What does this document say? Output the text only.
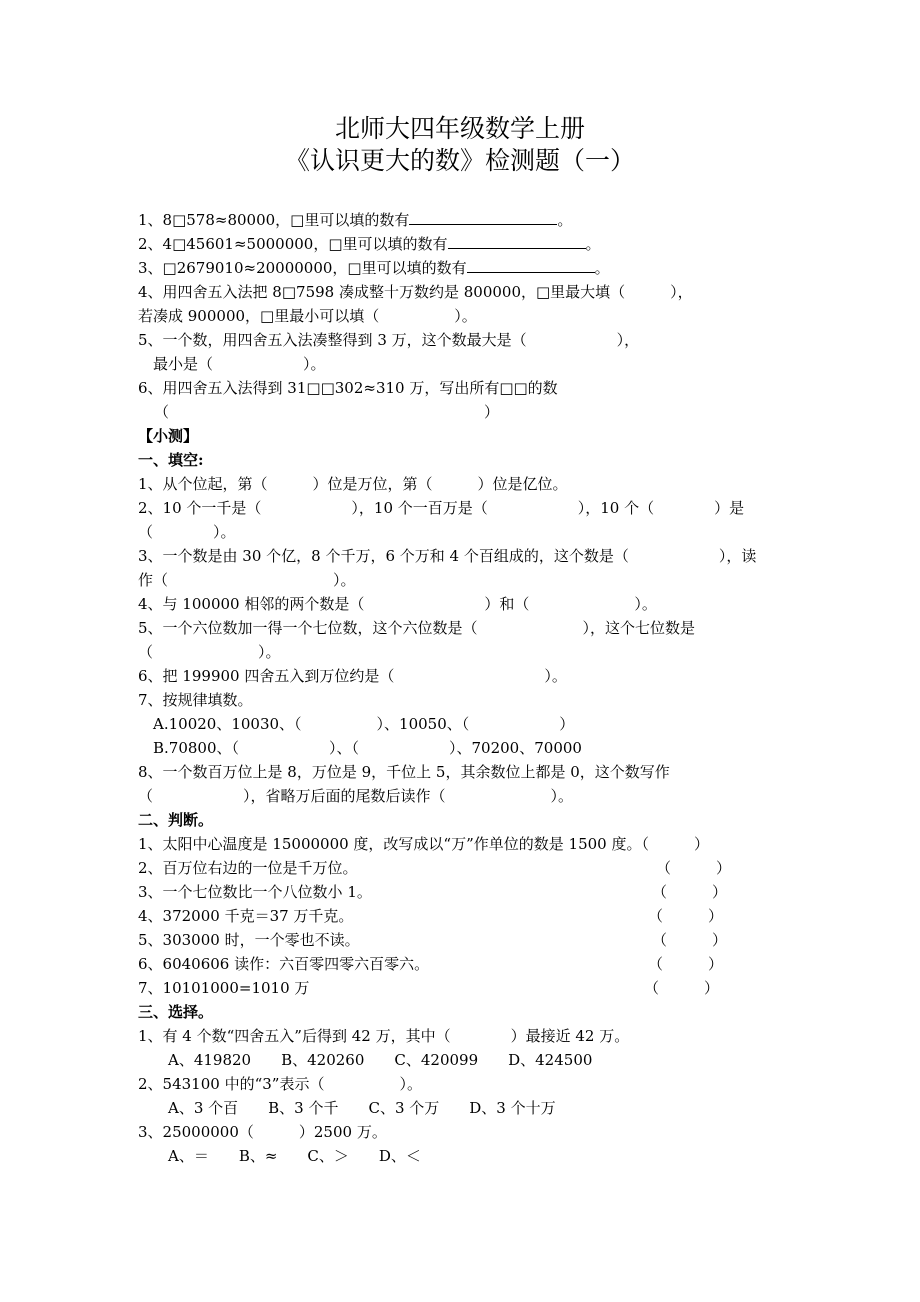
北师大四年级数学上册
《认识更大的数》检测题（一）
1、8□578≈80000，□里可以填的数有	。
2、4□45601≈5000000，□里可以填的数有	。
3、□2679010≈20000000，□里可以填的数有	。
4、用四舍五入法把 8□7598 凑成整十万数约是 800000，□里最大填（　　　），
若凑成 900000，□里最小可以填（　　　　　）。
5、一个数，用四舍五入法凑整得到 3 万，这个数最大是（　　　　　　），
　最小是（　　　　　　）。
6、用四舍五入法得到 31□□302≈310 万，写出所有□□的数
（　　　　　　　　　　　　　　　　　　　　　）
【小测】
一、填空:
1、从个位起，第（　　　）位是万位，第（　　　）位是亿位。
2、10 个一千是（　　　　　　），10 个一百万是（　　　　　　），10 个（　　　　）是
（　　　　）。
3、一个数是由 30 个亿，8 个千万，6 个万和 4 个百组成的，这个数是（　　　　　　），读
作（　　　　　　　　　　　）。
4、与 100000 相邻的两个数是（　　　　　　　　）和（　　　　　　　）。
5、一个六位数加一得一个七位数，这个六位数是（　　　　　　　），这个七位数是
（　　　　　　　）。
6、把 199900 四舍五入到万位约是（　　　　　　　　　　）。
7、按规律填数。
　A.10020、10030、（　　　　　）、10050、（　　　　　　）
　B.70800、（　　　　　　）、（　　　　　　）、70200、70000
8、一个数百万位上是 8，万位是 9，千位上 5，其余数位上都是 0，这个数写作
（　　　　　　），省略万后面的尾数后读作（　　　　　　　）。
二、判断。
1、太阳中心温度是 15000000 度，改写成以“万”作单位的数是 1500 度。（　　　）
2、百万位右边的一位是千万位。	（　　　）
3、一个七位数比一个八位数小 1。	（　　　）
4、372000 千克＝37 万千克。	（　　　）
5、303000 时，一个零也不读。	（　　　）
6、6040606 读作：六百零四零六百零六。	（　　　）
7、10101000=1010 万	（　　　）
三、选择。
1、有 4 个数“四舍五入”后得到 42 万，其中（　　　　）最接近 42 万。
　　A、419820　　B、420260　　C、420099　　D、424500
2、543100 中的“3”表示（　　　　　）。
　　A、3 个百　　B、3 个千　　C、3 个万　　D、3 个十万
3、25000000（　　　）2500 万。
　　A、＝　　B、≈　　C、＞　　D、＜
